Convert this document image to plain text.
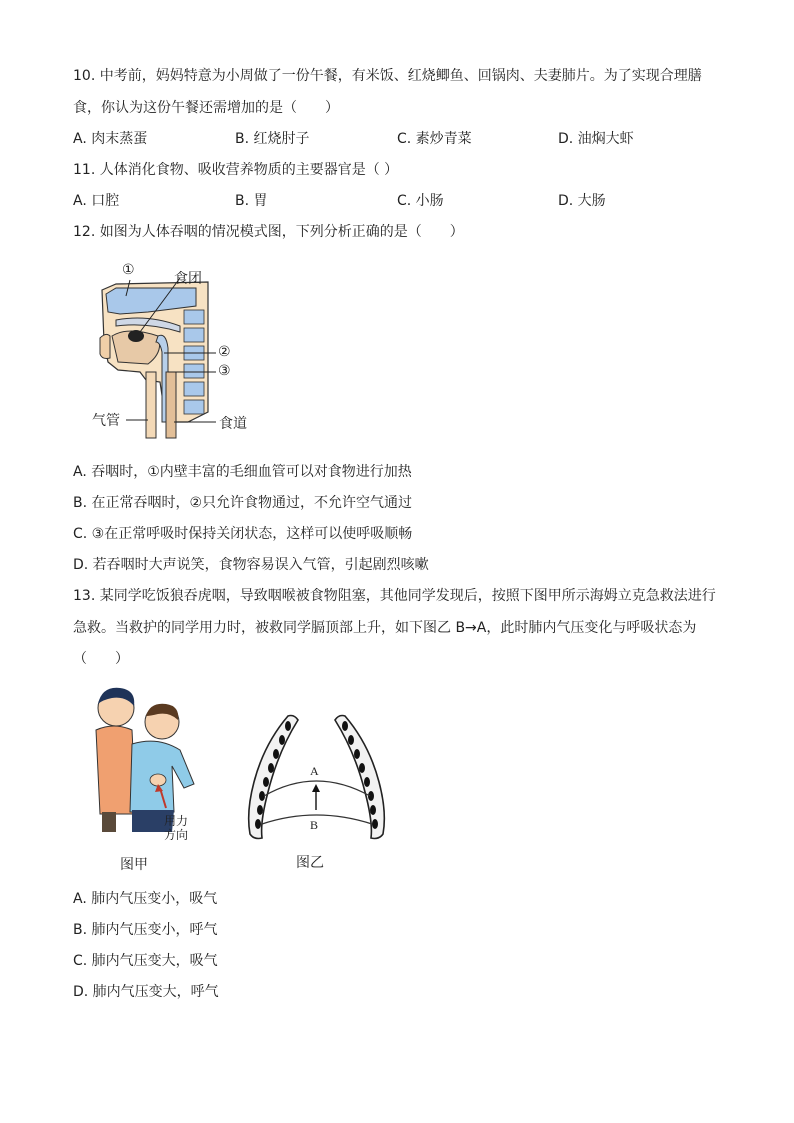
10. 中考前，妈妈特意为小周做了一份午餐，有米饭、红烧鲫鱼、回锅肉、夫妻肺片。为了实现合理膳
食，你认为这份午餐还需增加的是（　　）
A. 肉末蒸蛋	B. 红烧肘子	C. 素炒青菜	D. 油焖大虾
11. 人体消化食物、吸收营养物质的主要器官是（ ）
A. 口腔	B. 胃	C. 小肠	D. 大肠
12. 如图为人体吞咽的情况模式图，下列分析正确的是（　　）
①
食团
②
③
气管	食道
A. 吞咽时，①内壁丰富的毛细血管可以对食物进行加热
B. 在正常吞咽时，②只允许食物通过，不允许空气通过
C. ③在正常呼吸时保持关闭状态，这样可以使呼吸顺畅
D. 若吞咽时大声说笑，食物容易误入气管，引起剧烈咳嗽
13. 某同学吃饭狼吞虎咽，导致咽喉被食物阻塞，其他同学发现后，按照下图甲所示海姆立克急救法进行
急救。当救护的同学用力时，被救同学膈顶部上升，如下图乙 B→A，此时肺内气压变化与呼吸状态为
（　　）
用力
方向
图甲
A
B
图乙
A. 肺内气压变小，吸气
B. 肺内气压变小，呼气
C. 肺内气压变大，吸气
D. 肺内气压变大，呼气
